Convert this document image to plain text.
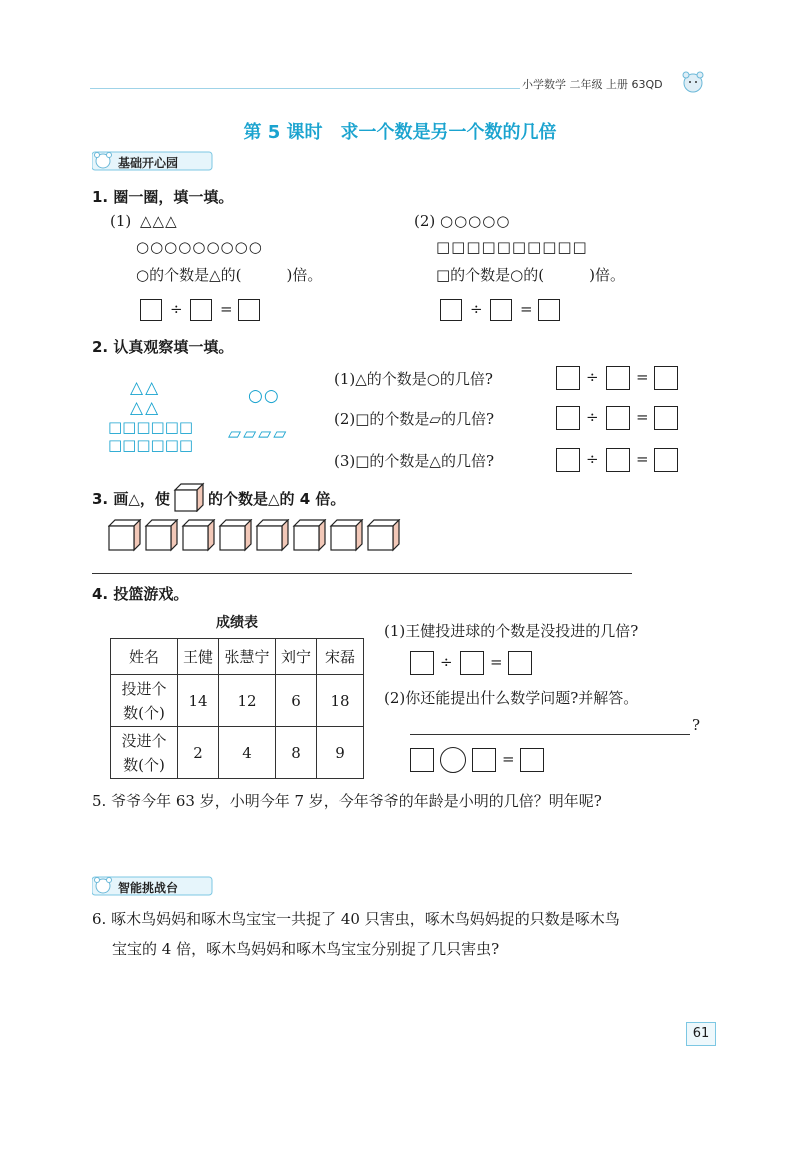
小学数学 二年级 上册 63QD
第 5 课时　求一个数是另一个数的几倍
基础开心园
1. 圈一圈，填一填。
(1) △△△
○○○○○○○○○
○的个数是△的(　　　)倍。
÷ =
(2) ○○○○○
□□□□□□□□□□
□的个数是○的(　　　)倍。
÷ =
2. 认真观察填一填。
△△
△△
○○
□□□□□□
□□□□□□
▱▱▱▱
(1)△的个数是○的几倍?	÷ =
(2)□的个数是▱的几倍?	÷ =
(3)□的个数是△的几倍?	÷ =
3. 画△，使	的个数是△的 4 倍。
4. 投篮游戏。
成绩表
姓名	王健	张慧宁	刘宁	宋磊
投进个
数(个)	14	12	6	18
没进个
数(个)	2	4	8	9
(1)王健投进球的个数是没投进的几倍?
÷ =
(2)你还能提出什么数学问题?并解答。
?
=
5. 爷爷今年 63 岁，小明今年 7 岁，今年爷爷的年龄是小明的几倍？明年呢?
智能挑战台
6. 啄木鸟妈妈和啄木鸟宝宝一共捉了 40 只害虫，啄木鸟妈妈捉的只数是啄木鸟
宝宝的 4 倍，啄木鸟妈妈和啄木鸟宝宝分别捉了几只害虫?
61
